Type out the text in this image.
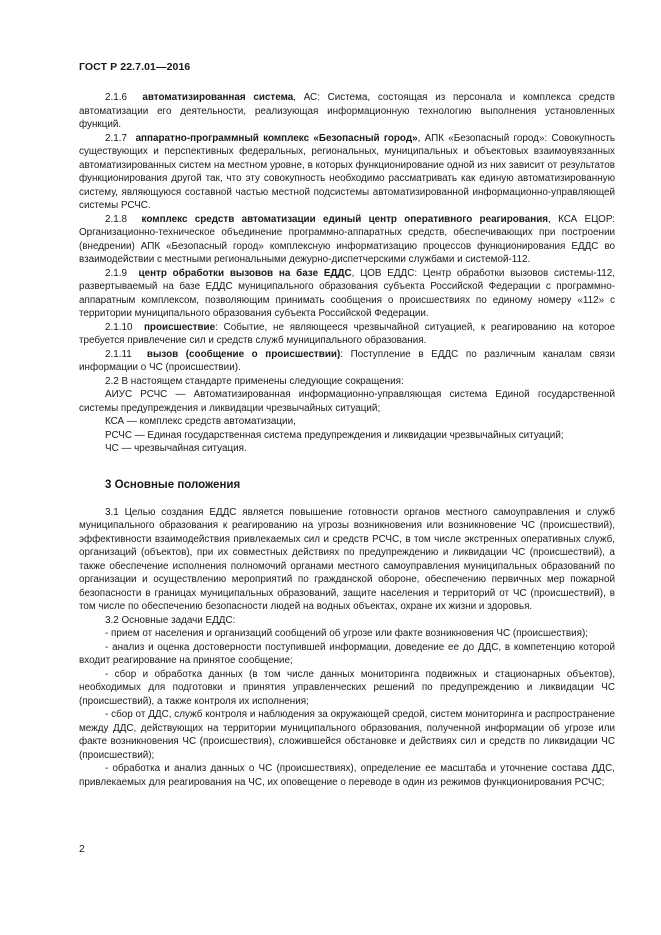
ГОСТ Р 22.7.01—2016

2.1.6 автоматизированная система, АС: Система, состоящая из персонала и комплекса средств автоматизации его деятельности, реализующая информационную технологию выполнения установленных функций.

2.1.7 аппаратно-программный комплекс «Безопасный город», АПК «Безопасный город»: Совокупность существующих и перспективных федеральных, региональных, муниципальных и объектовых взаимоувязанных автоматизированных систем на местном уровне, в которых функционирование одной из них зависит от результатов функционирования другой так, что эту совокупность необходимо рассматривать как единую автоматизированную систему, являющуюся составной частью местной подсистемы автоматизированной информационно-управляющей системы РСЧС.

2.1.8 комплекс средств автоматизации единый центр оперативного реагирования, КСА ЕЦОР: Организационно-техническое объединение программно-аппаратных средств, обеспечивающих при построении (внедрении) АПК «Безопасный город» комплексную информатизацию процессов функционирования ЕДДС во взаимодействии с местными региональными дежурно-диспетчерскими службами и системой-112.

2.1.9 центр обработки вызовов на базе ЕДДС, ЦОВ ЕДДС: Центр обработки вызовов системы-112, развертываемый на базе ЕДДС муниципального образования субъекта Российской Федерации с программно-аппаратным комплексом, позволяющим принимать сообщения о происшествиях по единому номеру «112» с территории муниципального образования субъекта Российской Федерации.

2.1.10 происшествие: Событие, не являющееся чрезвычайной ситуацией, к реагированию на которое требуется привлечение сил и средств служб муниципального образования.

2.1.11 вызов (сообщение о происшествии): Поступление в ЕДДС по различным каналам связи информации о ЧС (происшествии).

2.2 В настоящем стандарте применены следующие сокращения:

АИУС РСЧС — Автоматизированная информационно-управляющая система Единой государственной системы предупреждения и ликвидации чрезвычайных ситуаций;

КСА — комплекс средств автоматизации,

РСЧС — Единая государственная система предупреждения и ликвидации чрезвычайных ситуаций;

ЧС — чрезвычайная ситуация.

3 Основные положения

3.1 Целью создания ЕДДС является повышение готовности органов местного самоуправления и служб муниципального образования к реагированию на угрозы возникновения или возникновение ЧС (происшествий), эффективности взаимодействия привлекаемых сил и средств РСЧС, в том числе экстренных оперативных служб, организаций (объектов), при их совместных действиях по предупреждению и ликвидации ЧС (происшествий), а также обеспечение исполнения полномочий органами местного самоуправления муниципальных образований по организации и осуществлению мероприятий по гражданской обороне, обеспечению первичных мер пожарной безопасности в границах муниципальных образований, защите населения и территорий от ЧС (происшествий), в том числе по обеспечению безопасности людей на водных объектах, охране их жизни и здоровья.

3.2 Основные задачи ЕДДС:

- прием от населения и организаций сообщений об угрозе или факте возникновения ЧС (происшествия);

- анализ и оценка достоверности поступившей информации, доведение ее до ДДС, в компетенцию которой входит реагирование на принятое сообщение;

- сбор и обработка данных (в том числе данных мониторинга подвижных и стационарных объектов), необходимых для подготовки и принятия управленческих решений по предупреждению и ликвидации ЧС (происшествий), а также контроля их исполнения;

- сбор от ДДС, служб контроля и наблюдения за окружающей средой, систем мониторинга и распространение между ДДС, действующих на территории муниципального образования, полученной информации об угрозе или факте возникновения ЧС (происшествия), сложившейся обстановке и действиях сил и средств по ликвидации ЧС (происшествий);

- обработка и анализ данных о ЧС (происшествиях), определение ее масштаба и уточнение состава ДДС, привлекаемых для реагирования на ЧС, их оповещение о переводе в один из режимов функционирования РСЧС;

2
